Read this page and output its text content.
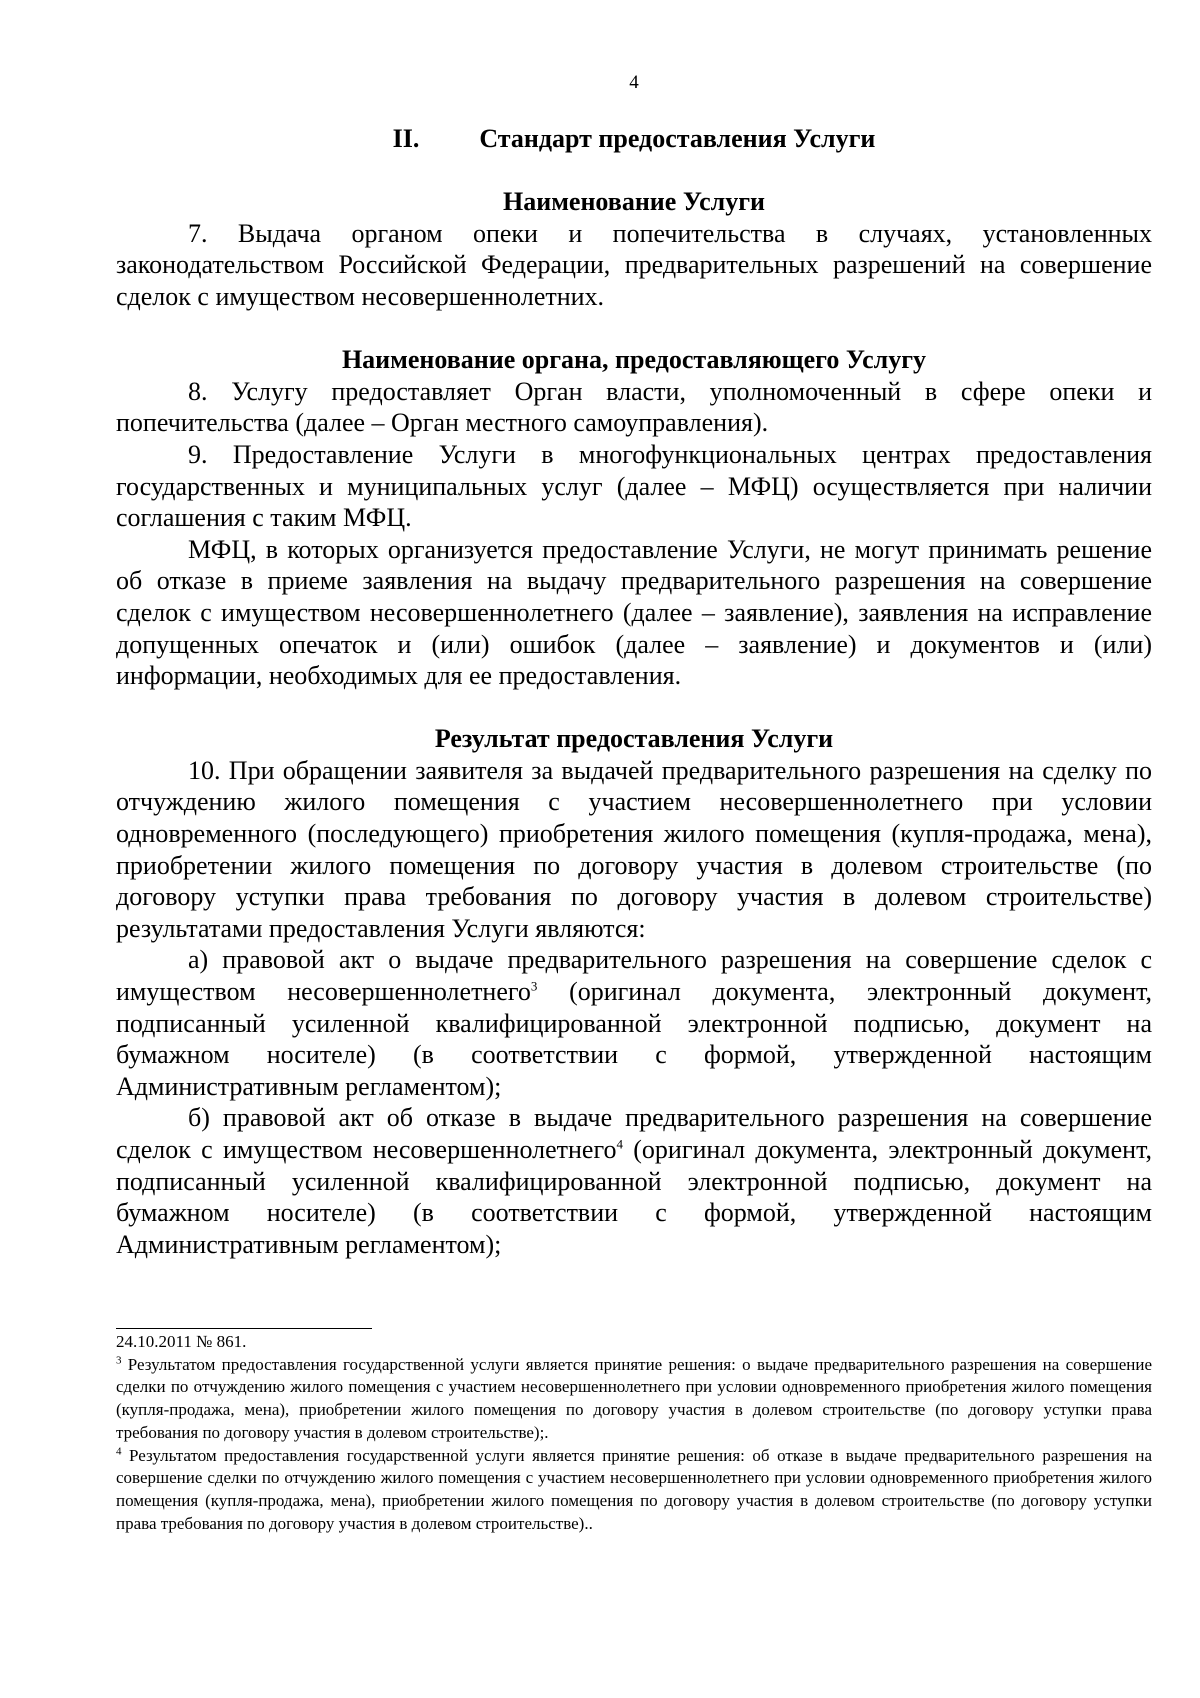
4
II. Стандарт предоставления Услуги
Наименование Услуги

7. Выдача органом опеки и попечительства в случаях, установленных законодательством Российской Федерации, предварительных разрешений на совершение сделок с имуществом несовершеннолетних.

Наименование органа, предоставляющего Услугу

8. Услугу предоставляет Орган власти, уполномоченный в сфере опеки и попечительства (далее – Орган местного самоуправления).

9. Предоставление Услуги в многофункциональных центрах предоставления государственных и муниципальных услуг (далее – МФЦ) осуществляется при наличии соглашения с таким МФЦ.

МФЦ, в которых организуется предоставление Услуги, не могут принимать решение об отказе в приеме заявления на выдачу предварительного разрешения на совершение сделок с имуществом несовершеннолетнего (далее – заявление), заявления на исправление допущенных опечаток и (или) ошибок (далее – заявление) и документов и (или) информации, необходимых для ее предоставления.

Результат предоставления Услуги

10. При обращении заявителя за выдачей предварительного разрешения на сделку по отчуждению жилого помещения с участием несовершеннолетнего при условии одновременного (последующего) приобретения жилого помещения (купля-продажа, мена), приобретении жилого помещения по договору участия в долевом строительстве (по договору уступки права требования по договору участия в долевом строительстве) результатами предоставления Услуги являются:

а) правовой акт о выдаче предварительного разрешения на совершение сделок с имуществом несовершеннолетнего$^3$ (оригинал документа, электронный документ, подписанный усиленной квалифицированной электронной подписью, документ на бумажном носителе) (в соответствии с формой, утвержденной настоящим Административным регламентом);

б) правовой акт об отказе в выдаче предварительного разрешения на совершение сделок с имуществом несовершеннолетнего$^4$ (оригинал документа, электронный документ, подписанный усиленной квалифицированной электронной подписью, документ на бумажном носителе) (в соответствии с формой, утвержденной настоящим Административным регламентом);

24.10.2011 № 861.

$^3$ Результатом предоставления государственной услуги является принятие решения: о выдаче предварительного разрешения на совершение сделки по отчуждению жилого помещения с участием несовершеннолетнего при условии одновременного приобретения жилого помещения (купля-продажа, мена), приобретении жилого помещения по договору участия в долевом строительстве (по договору уступки права требования по договору участия в долевом строительстве);.

$^4$ Результатом предоставления государственной услуги является принятие решения: об отказе в выдаче предварительного разрешения на совершение сделки по отчуждению жилого помещения с участием несовершеннолетнего при условии одновременного приобретения жилого помещения (купля-продажа, мена), приобретении жилого помещения по договору участия в долевом строительстве (по договору уступки права требования по договору участия в долевом строительстве)..
